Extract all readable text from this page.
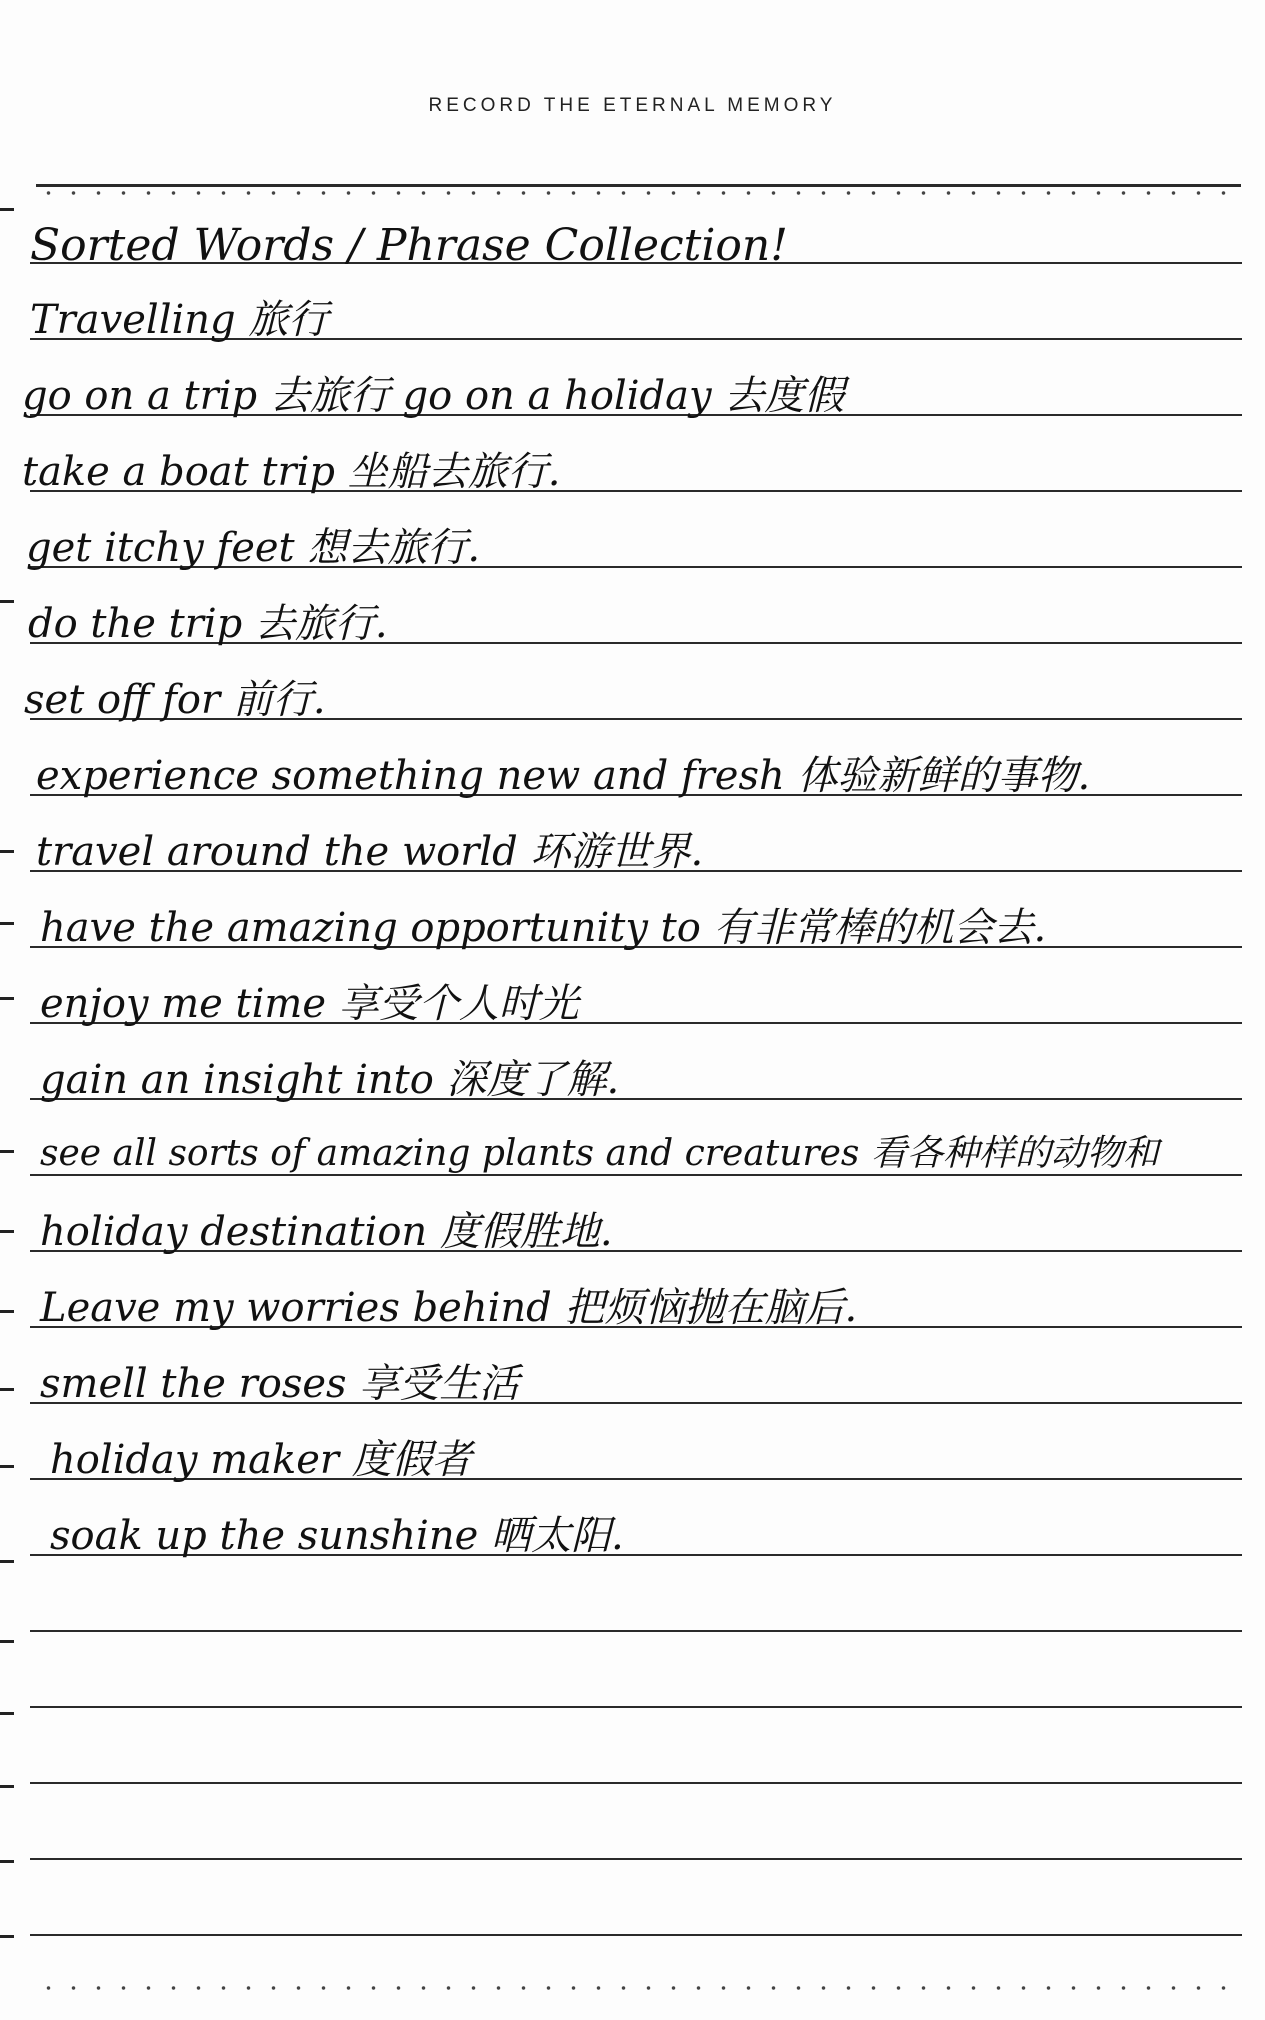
RECORD THE ETERNAL MEMORY
Sorted Words / Phrase Collection!
Travelling 旅行
go on a trip 去旅行 go on a holiday 去度假
take a boat trip 坐船去旅行.
get itchy feet 想去旅行.
do the trip 去旅行.
set off for 前行.
experience something new and fresh 体验新鲜的事物.
travel around the world 环游世界.
have the amazing opportunity to 有非常棒的机会去.
enjoy me time 享受个人时光
gain an insight into 深度了解.
see all sorts of amazing plants and creatures 看各种样的动物和
holiday destination 度假胜地.
Leave my worries behind 把烦恼抛在脑后.
smell the roses 享受生活
holiday maker 度假者
soak up the sunshine 晒太阳.
